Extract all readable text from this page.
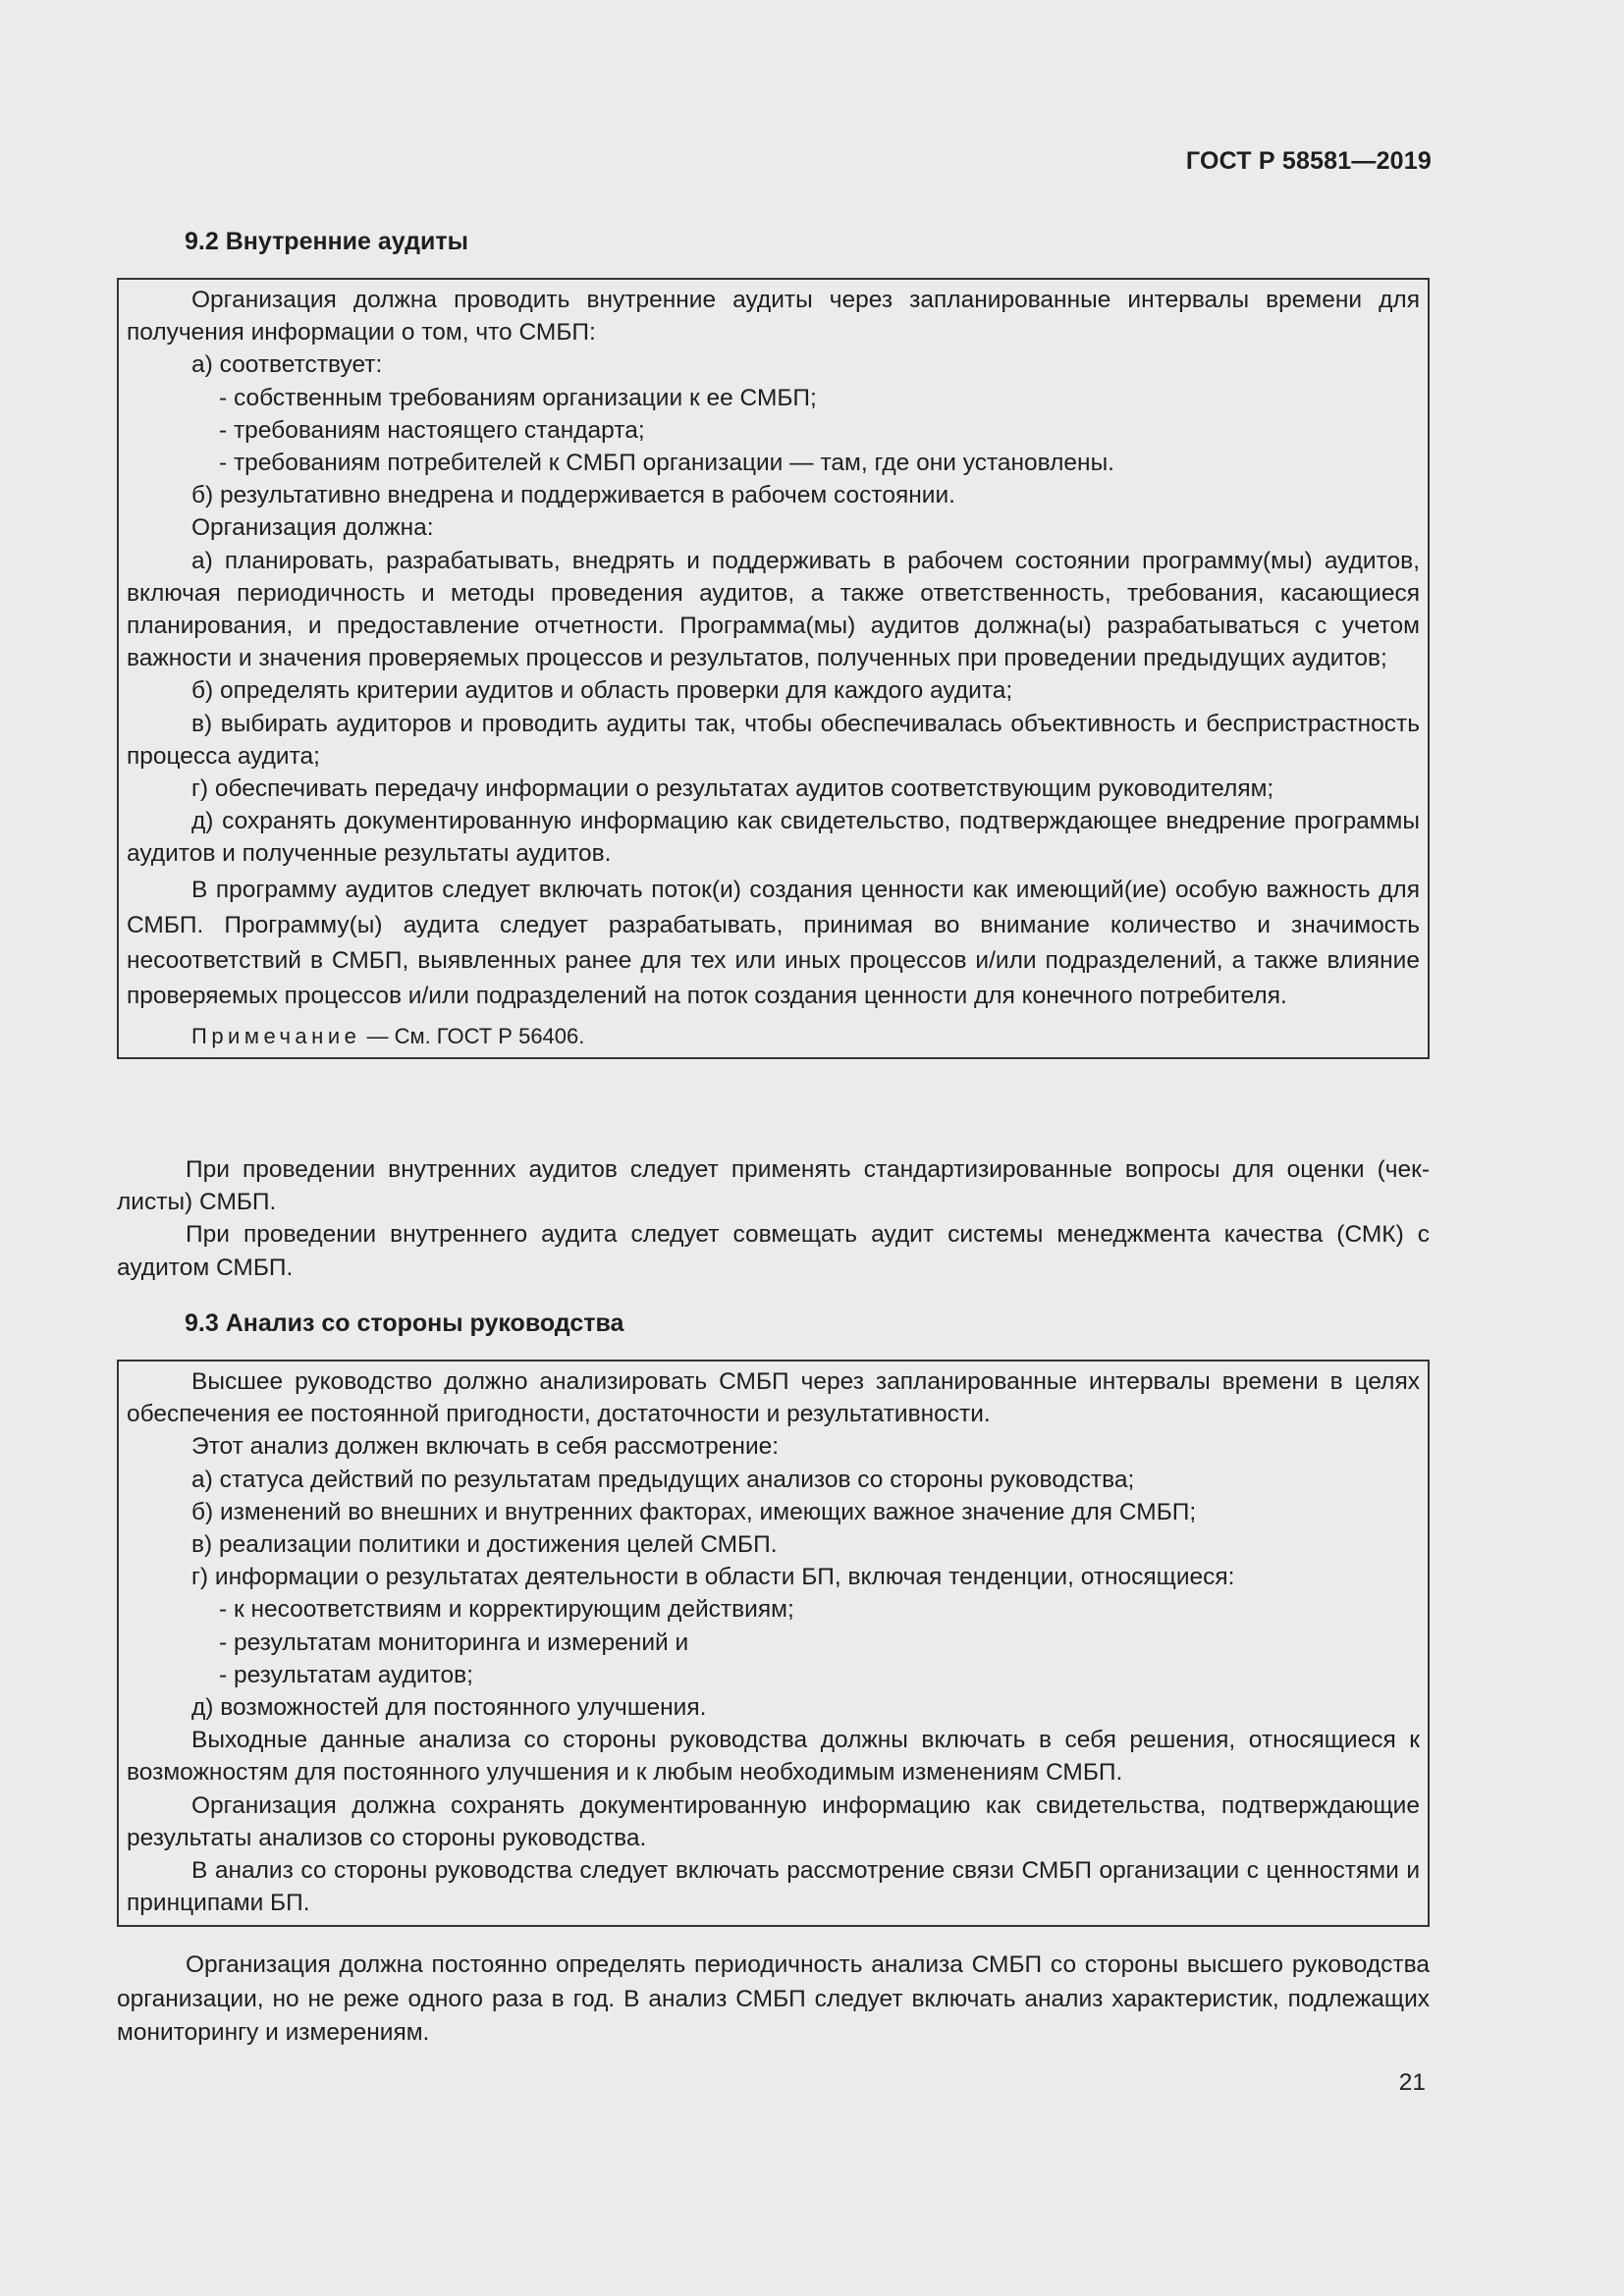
ГОСТ Р 58581—2019
9.2 Внутренние аудиты

Организация должна проводить внутренние аудиты через запланированные интервалы времени для получения информации о том, что СМБП:

а) соответствует:

- собственным требованиям организации к ее СМБП;

- требованиям настоящего стандарта;

- требованиям потребителей к СМБП организации — там, где они установлены.

б) результативно внедрена и поддерживается в рабочем состоянии.

Организация должна:

а) планировать, разрабатывать, внедрять и поддерживать в рабочем состоянии программу(мы) аудитов, включая периодичность и методы проведения аудитов, а также ответственность, требования, касающиеся планирования, и предоставление отчетности. Программа(мы) аудитов должна(ы) разрабатываться с учетом важности и значения проверяемых процессов и результатов, полученных при проведении предыдущих аудитов;

б) определять критерии аудитов и область проверки для каждого аудита;

в) выбирать аудиторов и проводить аудиты так, чтобы обеспечивалась объективность и беспристрастность процесса аудита;

г) обеспечивать передачу информации о результатах аудитов соответствующим руководителям;

д) сохранять документированную информацию как свидетельство, подтверждающее внедрение программы аудитов и полученные результаты аудитов.

В программу аудитов следует включать поток(и) создания ценности как имеющий(ие) особую важность для СМБП. Программу(ы) аудита следует разрабатывать, принимая во внимание количество и значимость несоответствий в СМБП, выявленных ранее для тех или иных процессов и/или подразделений, а также влияние проверяемых процессов и/или подразделений на поток создания ценности для конечного потребителя.

Примечание — См. ГОСТ Р 56406.

При проведении внутренних аудитов следует применять стандартизированные вопросы для оценки (чек-листы) СМБП.

При проведении внутреннего аудита следует совмещать аудит системы менеджмента качества (СМК) с аудитом СМБП.

9.3 Анализ со стороны руководства

Высшее руководство должно анализировать СМБП через запланированные интервалы времени в целях обеспечения ее постоянной пригодности, достаточности и результативности.

Этот анализ должен включать в себя рассмотрение:

а) статуса действий по результатам предыдущих анализов со стороны руководства;

б) изменений во внешних и внутренних факторах, имеющих важное значение для СМБП;

в) реализации политики и достижения целей СМБП.

г) информации о результатах деятельности в области БП, включая тенденции, относящиеся:

- к несоответствиям и корректирующим действиям;

- результатам мониторинга и измерений и

- результатам аудитов;

д) возможностей для постоянного улучшения.

Выходные данные анализа со стороны руководства должны включать в себя решения, относящиеся к возможностям для постоянного улучшения и к любым необходимым изменениям СМБП.

Организация должна сохранять документированную информацию как свидетельства, подтверждающие результаты анализов со стороны руководства.

В анализ со стороны руководства следует включать рассмотрение связи СМБП организации с ценностями и принципами БП.

Организация должна постоянно определять периодичность анализа СМБП со стороны высшего руководства организации, но не реже одного раза в год. В анализ СМБП следует включать анализ характеристик, подлежащих мониторингу и измерениям.

21
